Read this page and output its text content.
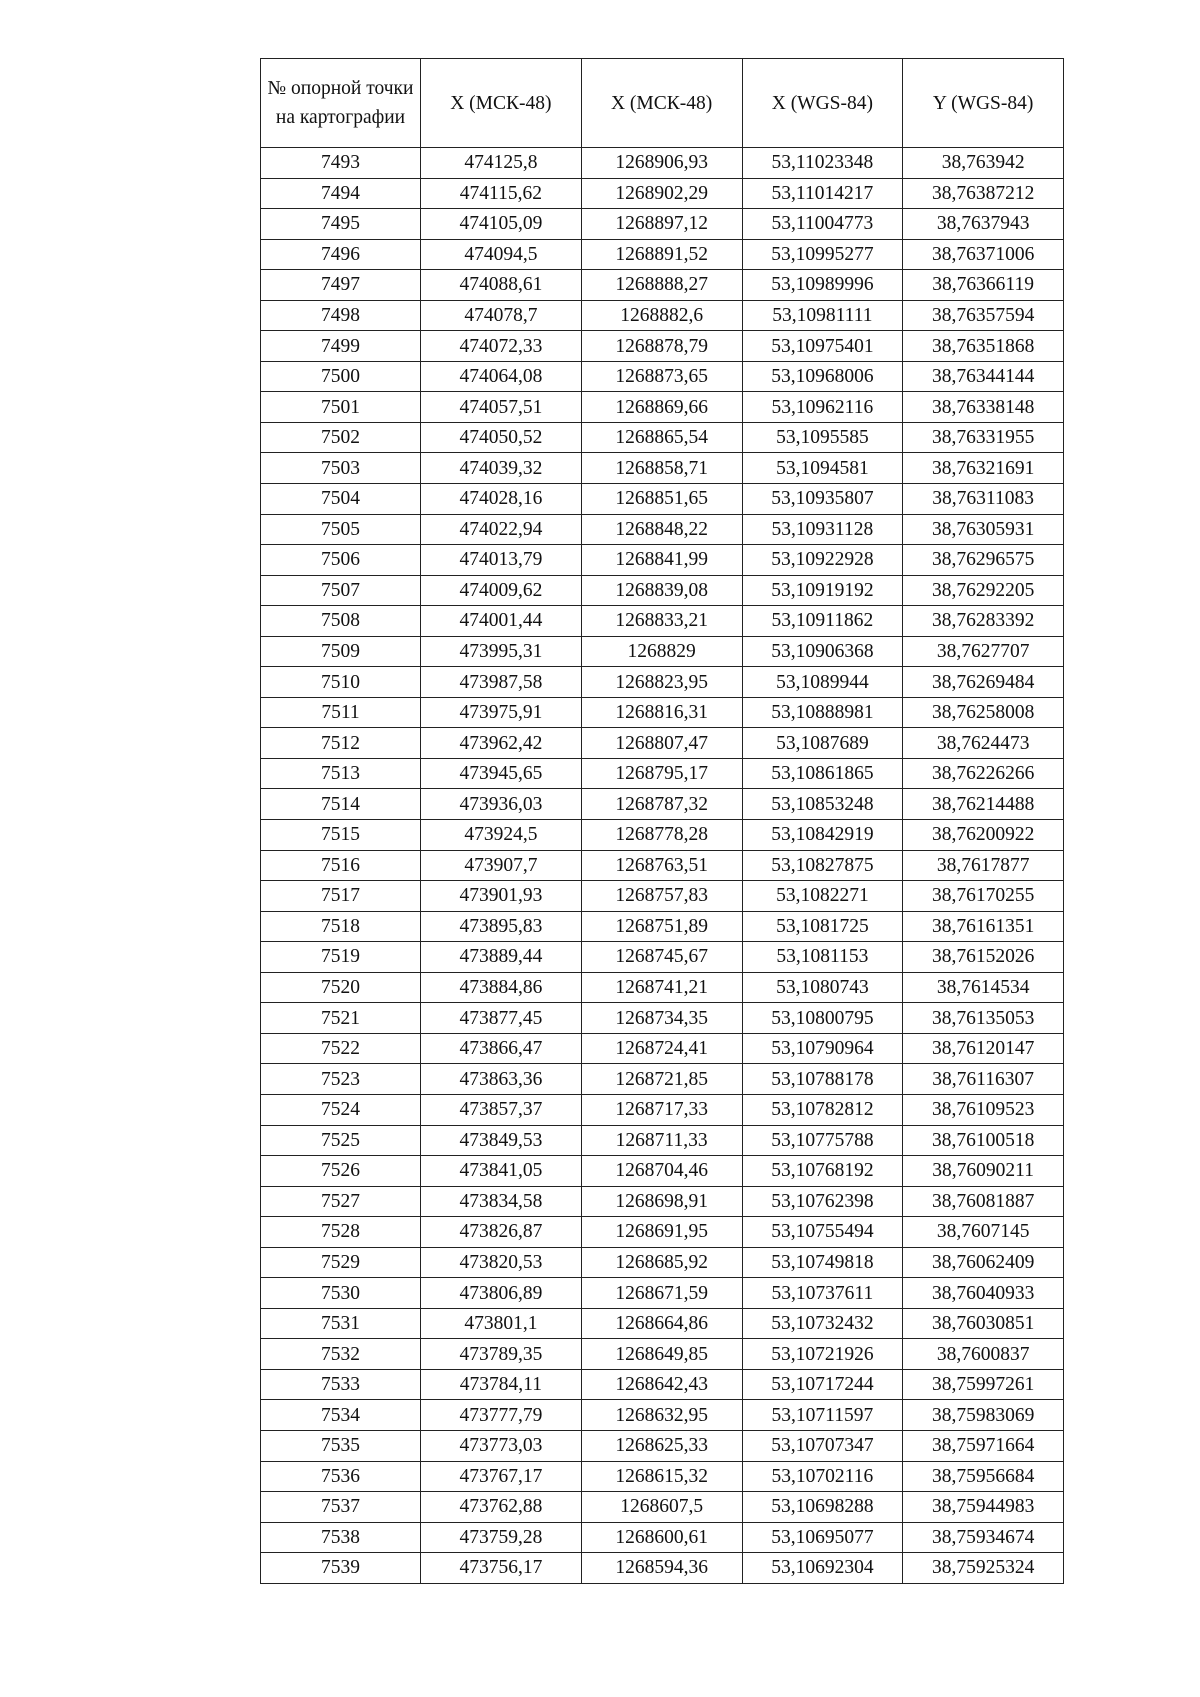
№ опорной точки на картографии	X (МСК-48)	X (МСК-48)	X (WGS-84)	Y (WGS-84)
7493	474125,8	1268906,93	53,11023348	38,763942
7494	474115,62	1268902,29	53,11014217	38,76387212
7495	474105,09	1268897,12	53,11004773	38,7637943
7496	474094,5	1268891,52	53,10995277	38,76371006
7497	474088,61	1268888,27	53,10989996	38,76366119
7498	474078,7	1268882,6	53,10981111	38,76357594
7499	474072,33	1268878,79	53,10975401	38,76351868
7500	474064,08	1268873,65	53,10968006	38,76344144
7501	474057,51	1268869,66	53,10962116	38,76338148
7502	474050,52	1268865,54	53,1095585	38,76331955
7503	474039,32	1268858,71	53,1094581	38,76321691
7504	474028,16	1268851,65	53,10935807	38,76311083
7505	474022,94	1268848,22	53,10931128	38,76305931
7506	474013,79	1268841,99	53,10922928	38,76296575
7507	474009,62	1268839,08	53,10919192	38,76292205
7508	474001,44	1268833,21	53,10911862	38,76283392
7509	473995,31	1268829	53,10906368	38,7627707
7510	473987,58	1268823,95	53,1089944	38,76269484
7511	473975,91	1268816,31	53,10888981	38,76258008
7512	473962,42	1268807,47	53,1087689	38,7624473
7513	473945,65	1268795,17	53,10861865	38,76226266
7514	473936,03	1268787,32	53,10853248	38,76214488
7515	473924,5	1268778,28	53,10842919	38,76200922
7516	473907,7	1268763,51	53,10827875	38,7617877
7517	473901,93	1268757,83	53,1082271	38,76170255
7518	473895,83	1268751,89	53,1081725	38,76161351
7519	473889,44	1268745,67	53,1081153	38,76152026
7520	473884,86	1268741,21	53,1080743	38,7614534
7521	473877,45	1268734,35	53,10800795	38,76135053
7522	473866,47	1268724,41	53,10790964	38,76120147
7523	473863,36	1268721,85	53,10788178	38,76116307
7524	473857,37	1268717,33	53,10782812	38,76109523
7525	473849,53	1268711,33	53,10775788	38,76100518
7526	473841,05	1268704,46	53,10768192	38,76090211
7527	473834,58	1268698,91	53,10762398	38,76081887
7528	473826,87	1268691,95	53,10755494	38,7607145
7529	473820,53	1268685,92	53,10749818	38,76062409
7530	473806,89	1268671,59	53,10737611	38,76040933
7531	473801,1	1268664,86	53,10732432	38,76030851
7532	473789,35	1268649,85	53,10721926	38,7600837
7533	473784,11	1268642,43	53,10717244	38,75997261
7534	473777,79	1268632,95	53,10711597	38,75983069
7535	473773,03	1268625,33	53,10707347	38,75971664
7536	473767,17	1268615,32	53,10702116	38,75956684
7537	473762,88	1268607,5	53,10698288	38,75944983
7538	473759,28	1268600,61	53,10695077	38,75934674
7539	473756,17	1268594,36	53,10692304	38,75925324
